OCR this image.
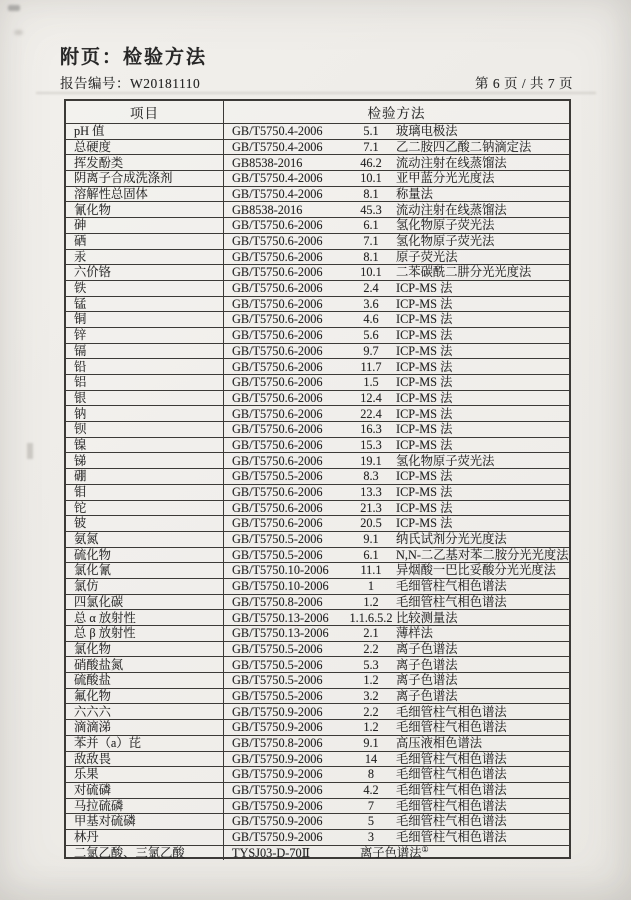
附页：检验方法
报告编号：W20181110	第 6 页 / 共 7 页
项目	检验方法
pH 值	GB/T5750.4-2006	5.1	玻璃电极法
总硬度	GB/T5750.4-2006	7.1	乙二胺四乙酸二钠滴定法
挥发酚类	GB8538-2016	46.2	流动注射在线蒸馏法
阴离子合成洗涤剂	GB/T5750.4-2006	10.1	亚甲蓝分光光度法
溶解性总固体	GB/T5750.4-2006	8.1	称量法
氰化物	GB8538-2016	45.3	流动注射在线蒸馏法
砷	GB/T5750.6-2006	6.1	氢化物原子荧光法
硒	GB/T5750.6-2006	7.1	氢化物原子荧光法
汞	GB/T5750.6-2006	8.1	原子荧光法
六价铬	GB/T5750.6-2006	10.1	二苯碳酰二肼分光光度法
铁	GB/T5750.6-2006	2.4	ICP-MS 法
锰	GB/T5750.6-2006	3.6	ICP-MS 法
铜	GB/T5750.6-2006	4.6	ICP-MS 法
锌	GB/T5750.6-2006	5.6	ICP-MS 法
镉	GB/T5750.6-2006	9.7	ICP-MS 法
铅	GB/T5750.6-2006	11.7	ICP-MS 法
铝	GB/T5750.6-2006	1.5	ICP-MS 法
银	GB/T5750.6-2006	12.4	ICP-MS 法
钠	GB/T5750.6-2006	22.4	ICP-MS 法
钡	GB/T5750.6-2006	16.3	ICP-MS 法
镍	GB/T5750.6-2006	15.3	ICP-MS 法
锑	GB/T5750.6-2006	19.1	氢化物原子荧光法
硼	GB/T5750.5-2006	8.3	ICP-MS 法
钼	GB/T5750.6-2006	13.3	ICP-MS 法
铊	GB/T5750.6-2006	21.3	ICP-MS 法
铍	GB/T5750.6-2006	20.5	ICP-MS 法
氨氮	GB/T5750.5-2006	9.1	纳氏试剂分光光度法
硫化物	GB/T5750.5-2006	6.1	N,N-二乙基对苯二胺分光光度法
氯化氰	GB/T5750.10-2006	11.1	异烟酸一巴比妥酸分光光度法
氯仿	GB/T5750.10-2006	1	毛细管柱气相色谱法
四氯化碳	GB/T5750.8-2006	1.2	毛细管柱气相色谱法
总 α 放射性	GB/T5750.13-2006	1.1.6.5.2 比较测量法
总 β 放射性	GB/T5750.13-2006	2.1	薄样法
氯化物	GB/T5750.5-2006	2.2	离子色谱法
硝酸盐氮	GB/T5750.5-2006	5.3	离子色谱法
硫酸盐	GB/T5750.5-2006	1.2	离子色谱法
氟化物	GB/T5750.5-2006	3.2	离子色谱法
六六六	GB/T5750.9-2006	2.2	毛细管柱气相色谱法
滴滴涕	GB/T5750.9-2006	1.2	毛细管柱气相色谱法
苯并（a）芘	GB/T5750.8-2006	9.1	高压液相色谱法
敌敌畏	GB/T5750.9-2006	14	毛细管柱气相色谱法
乐果	GB/T5750.9-2006	8	毛细管柱气相色谱法
对硫磷	GB/T5750.9-2006	4.2	毛细管柱气相色谱法
马拉硫磷	GB/T5750.9-2006	7	毛细管柱气相色谱法
甲基对硫磷	GB/T5750.9-2006	5	毛细管柱气相色谱法
林丹	GB/T5750.9-2006	3	毛细管柱气相色谱法
二氯乙酸、三氯乙酸	TYSJ03-D-70Ⅱ	离子色谱法①
